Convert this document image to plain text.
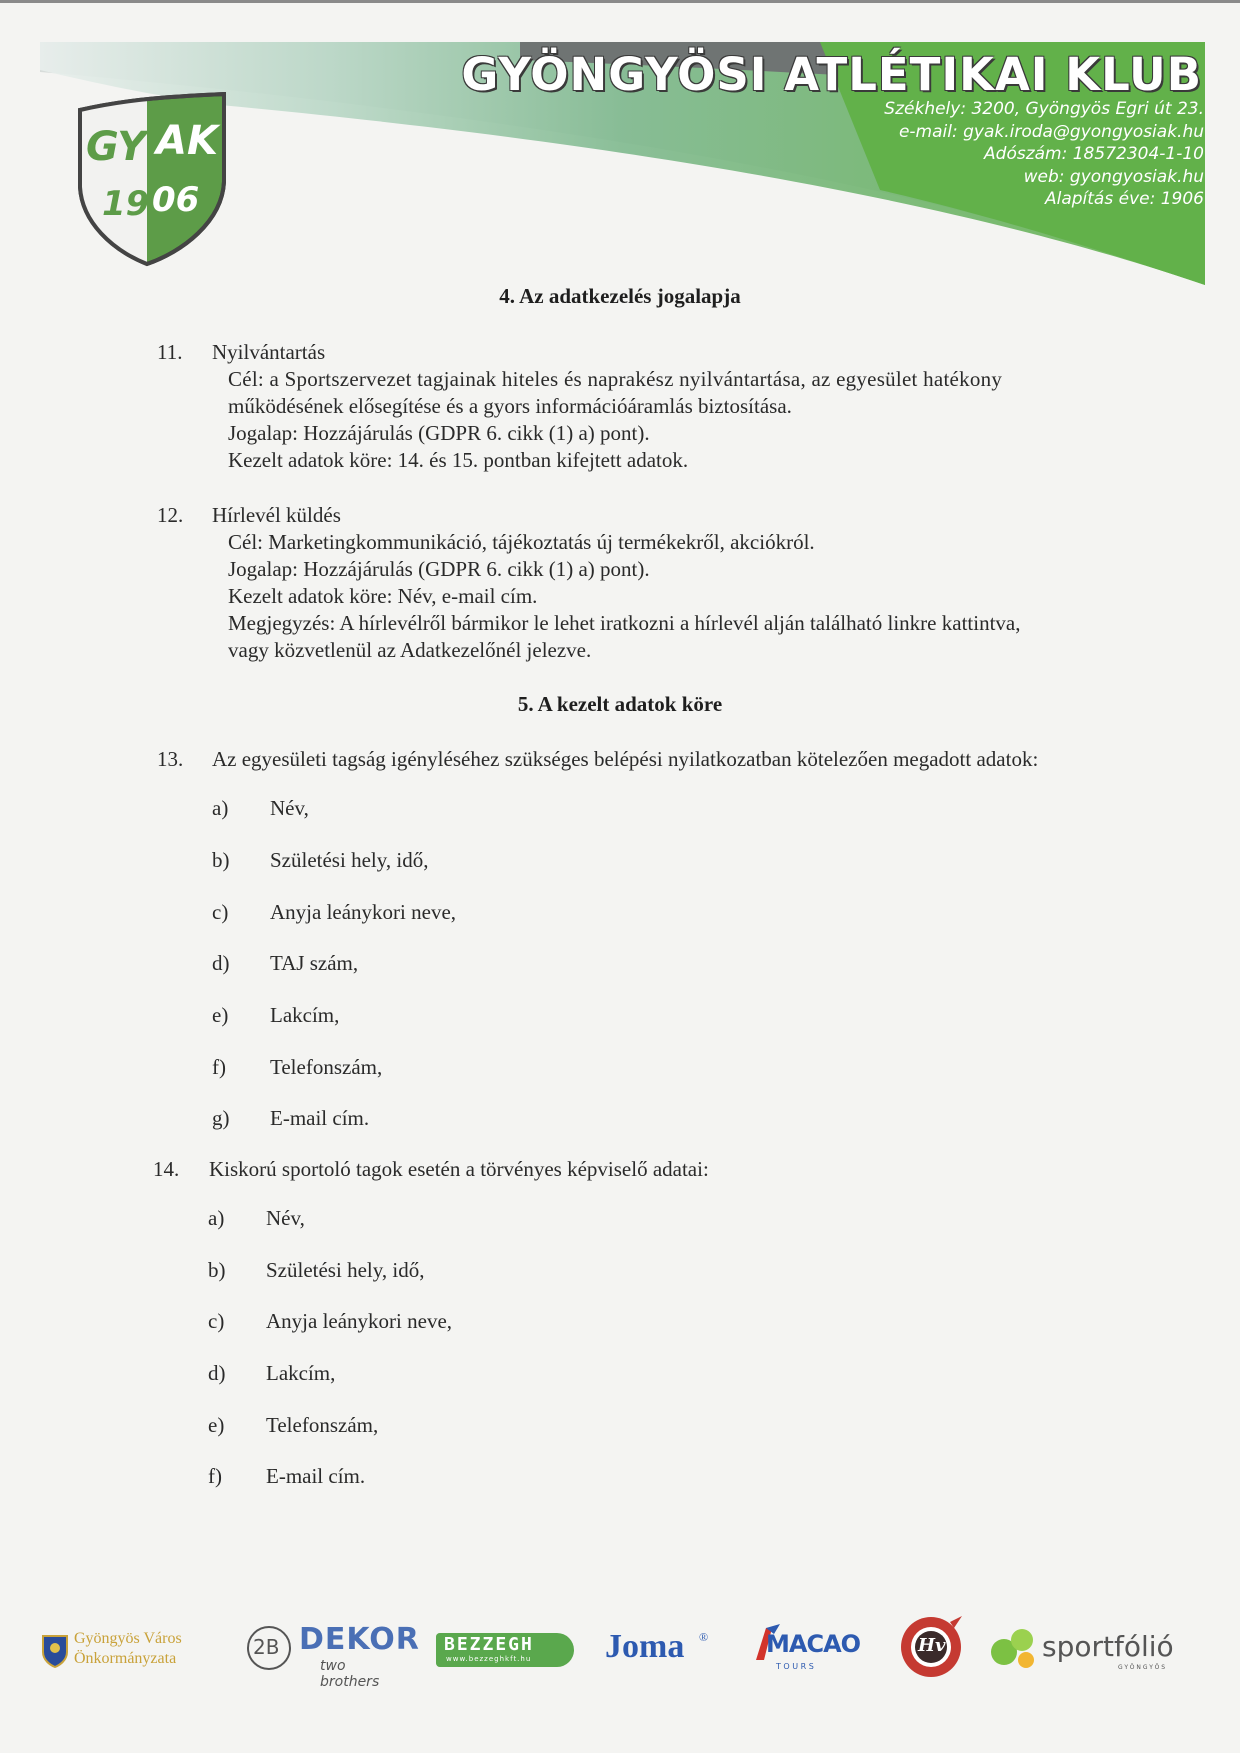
GYÖNGYÖSI ATLÉTIKAI KLUB
Székhely: 3200, Gyöngyös Egri út 23.
e-mail: gyak.iroda@gyongyosiak.hu
Adószám: 18572304-1-10
web: gyongyosiak.hu
Alapítás éve: 1906
GY AK
19 06
4. Az adatkezelés jogalapja
11.	Nyilvántartás
Cél: a Sportszervezet tagjainak hiteles és naprakész nyilvántartása, az egyesület hatékony
működésének elősegítése és a gyors információáramlás biztosítása.
Jogalap: Hozzájárulás (GDPR 6. cikk (1) a) pont).
Kezelt adatok köre: 14. és 15. pontban kifejtett adatok.
12.	Hírlevél küldés
Cél: Marketingkommunikáció, tájékoztatás új termékekről, akciókról.
Jogalap: Hozzájárulás (GDPR 6. cikk (1) a) pont).
Kezelt adatok köre: Név, e-mail cím.
Megjegyzés: A hírlevélről bármikor le lehet iratkozni a hírlevél alján található linkre kattintva,
vagy közvetlenül az Adatkezelőnél jelezve.
5. A kezelt adatok köre
13.	Az egyesületi tagság igényléséhez szükséges belépési nyilatkozatban kötelezően megadott adatok:
a) Név,
b) Születési hely, idő,
c) Anyja leánykori neve,
d) TAJ szám,
e) Lakcím,
f) Telefonszám,
g) E-mail cím.
14.	Kiskorú sportoló tagok esetén a törvényes képviselő adatai:
a) Név,
b) Születési hely, idő,
c) Anyja leánykori neve,
d) Lakcím,
e) Telefonszám,
f) E-mail cím.
Gyöngyös Város
Önkormányzata	2B DEKOR
two brothers
BEZZEGH
www.bezzeghkft.hu Joma ® MACAO
T O U R S
Hv	sportfólió
GYÖNGYÖS
